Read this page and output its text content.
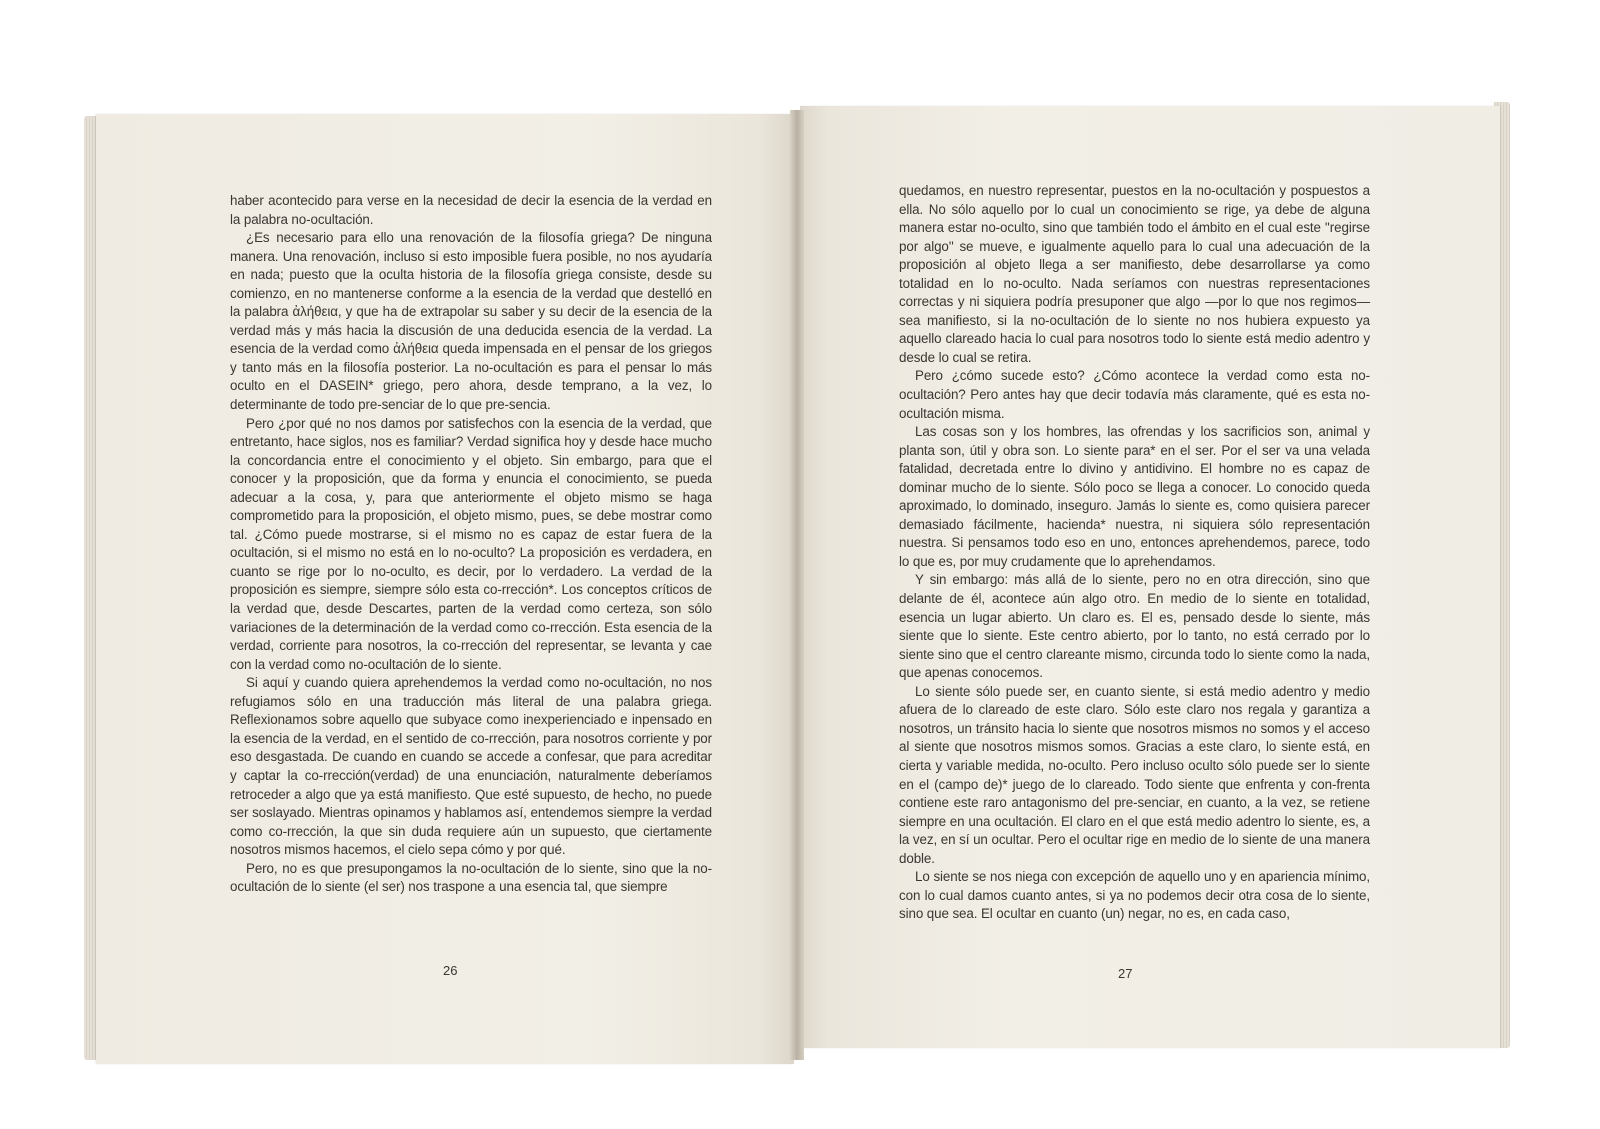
haber acontecido para verse en la necesidad de decir la esencia de la verdad en la palabra no-ocultación.

¿Es necesario para ello una renovación de la filosofía griega? De ninguna manera. Una renovación, incluso si esto imposible fuera posible, no nos ayudaría en nada; puesto que la oculta historia de la filosofía griega consiste, desde su comienzo, en no mantenerse conforme a la esencia de la verdad que destelló en la palabra ἀλήθεια, y que ha de extrapolar su saber y su decir de la esencia de la verdad más y más hacia la discusión de una deducida esencia de la verdad. La esencia de la verdad como ἀλήθεια queda impensada en el pensar de los griegos y tanto más en la filosofía posterior. La no-ocultación es para el pensar lo más oculto en el DASEIN* griego, pero ahora, desde temprano, a la vez, lo determinante de todo pre-senciar de lo que pre-sencia.

Pero ¿por qué no nos damos por satisfechos con la esencia de la verdad, que entretanto, hace siglos, nos es familiar? Verdad significa hoy y desde hace mucho la concordancia entre el conocimiento y el objeto. Sin embargo, para que el conocer y la proposición, que da forma y enuncia el conocimiento, se pueda adecuar a la cosa, y, para que anteriormente el objeto mismo se haga comprometido para la proposición, el objeto mismo, pues, se debe mostrar como tal. ¿Cómo puede mostrarse, si el mismo no es capaz de estar fuera de la ocultación, si el mismo no está en lo no-oculto? La proposición es verdadera, en cuanto se rige por lo no-oculto, es decir, por lo verdadero. La verdad de la proposición es siempre, siempre sólo esta co-rrección*. Los conceptos críticos de la verdad que, desde Descartes, parten de la verdad como certeza, son sólo variaciones de la determinación de la verdad como co-rrección. Esta esencia de la verdad, corriente para nosotros, la co-rrección del representar, se levanta y cae con la verdad como no-ocultación de lo siente.

Si aquí y cuando quiera aprehendemos la verdad como no-ocultación, no nos refugiamos sólo en una traducción más literal de una palabra griega. Reflexionamos sobre aquello que subyace como inexperienciado e inpensado en la esencia de la verdad, en el sentido de co-rrección, para nosotros corriente y por eso desgastada. De cuando en cuando se accede a confesar, que para acreditar y captar la co-rrección(verdad) de una enunciación, naturalmente deberíamos retroceder a algo que ya está manifiesto. Que esté supuesto, de hecho, no puede ser soslayado. Mientras opinamos y hablamos así, entendemos siempre la verdad como co-rrección, la que sin duda requiere aún un supuesto, que ciertamente nosotros mismos hacemos, el cielo sepa cómo y por qué.

Pero, no es que presupongamos la no-ocultación de lo siente, sino que la no-ocultación de lo siente (el ser) nos traspone a una esencia tal, que siempre

26

quedamos, en nuestro representar, puestos en la no-ocultación y pospuestos a ella. No sólo aquello por lo cual un conocimiento se rige, ya debe de alguna manera estar no-oculto, sino que también todo el ámbito en el cual este ''regirse por algo'' se mueve, e igualmente aquello para lo cual una adecuación de la proposición al objeto llega a ser manifiesto, debe desarrollarse ya como totalidad en lo no-oculto. Nada seríamos con nuestras representaciones correctas y ni siquiera podría presuponer que algo —por lo que nos regimos— sea manifiesto, si la no-ocultación de lo siente no nos hubiera expuesto ya aquello clareado hacia lo cual para nosotros todo lo siente está medio adentro y desde lo cual se retira.

Pero ¿cómo sucede esto? ¿Cómo acontece la verdad como esta no-ocultación? Pero antes hay que decir todavía más claramente, qué es esta no-ocultación misma.

Las cosas son y los hombres, las ofrendas y los sacrificios son, animal y planta son, útil y obra son. Lo siente para* en el ser. Por el ser va una velada fatalidad, decretada entre lo divino y antidivino. El hombre no es capaz de dominar mucho de lo siente. Sólo poco se llega a conocer. Lo conocido queda aproximado, lo dominado, inseguro. Jamás lo siente es, como quisiera parecer demasiado fácilmente, hacienda* nuestra, ni siquiera sólo representación nuestra. Si pensamos todo eso en uno, entonces aprehendemos, parece, todo lo que es, por muy crudamente que lo aprehendamos.

Y sin embargo: más allá de lo siente, pero no en otra dirección, sino que delante de él, acontece aún algo otro. En medio de lo siente en totalidad, esencia un lugar abierto. Un claro es. El es, pensado desde lo siente, más siente que lo siente. Este centro abierto, por lo tanto, no está cerrado por lo siente sino que el centro clareante mismo, circunda todo lo siente como la nada, que apenas conocemos.

Lo siente sólo puede ser, en cuanto siente, si está medio adentro y medio afuera de lo clareado de este claro. Sólo este claro nos regala y garantiza a nosotros, un tránsito hacia lo siente que nosotros mismos no somos y el acceso al siente que nosotros mismos somos. Gracias a este claro, lo siente está, en cierta y variable medida, no-oculto. Pero incluso oculto sólo puede ser lo siente en el (campo de)* juego de lo clareado. Todo siente que enfrenta y con-frenta contiene este raro antagonismo del pre-senciar, en cuanto, a la vez, se retiene siempre en una ocultación. El claro en el que está medio adentro lo siente, es, a la vez, en sí un ocultar. Pero el ocultar rige en medio de lo siente de una manera doble.

Lo siente se nos niega con excepción de aquello uno y en apariencia mínimo, con lo cual damos cuanto antes, si ya no podemos decir otra cosa de lo siente, sino que sea. El ocultar en cuanto (un) negar, no es, en cada caso,

27
